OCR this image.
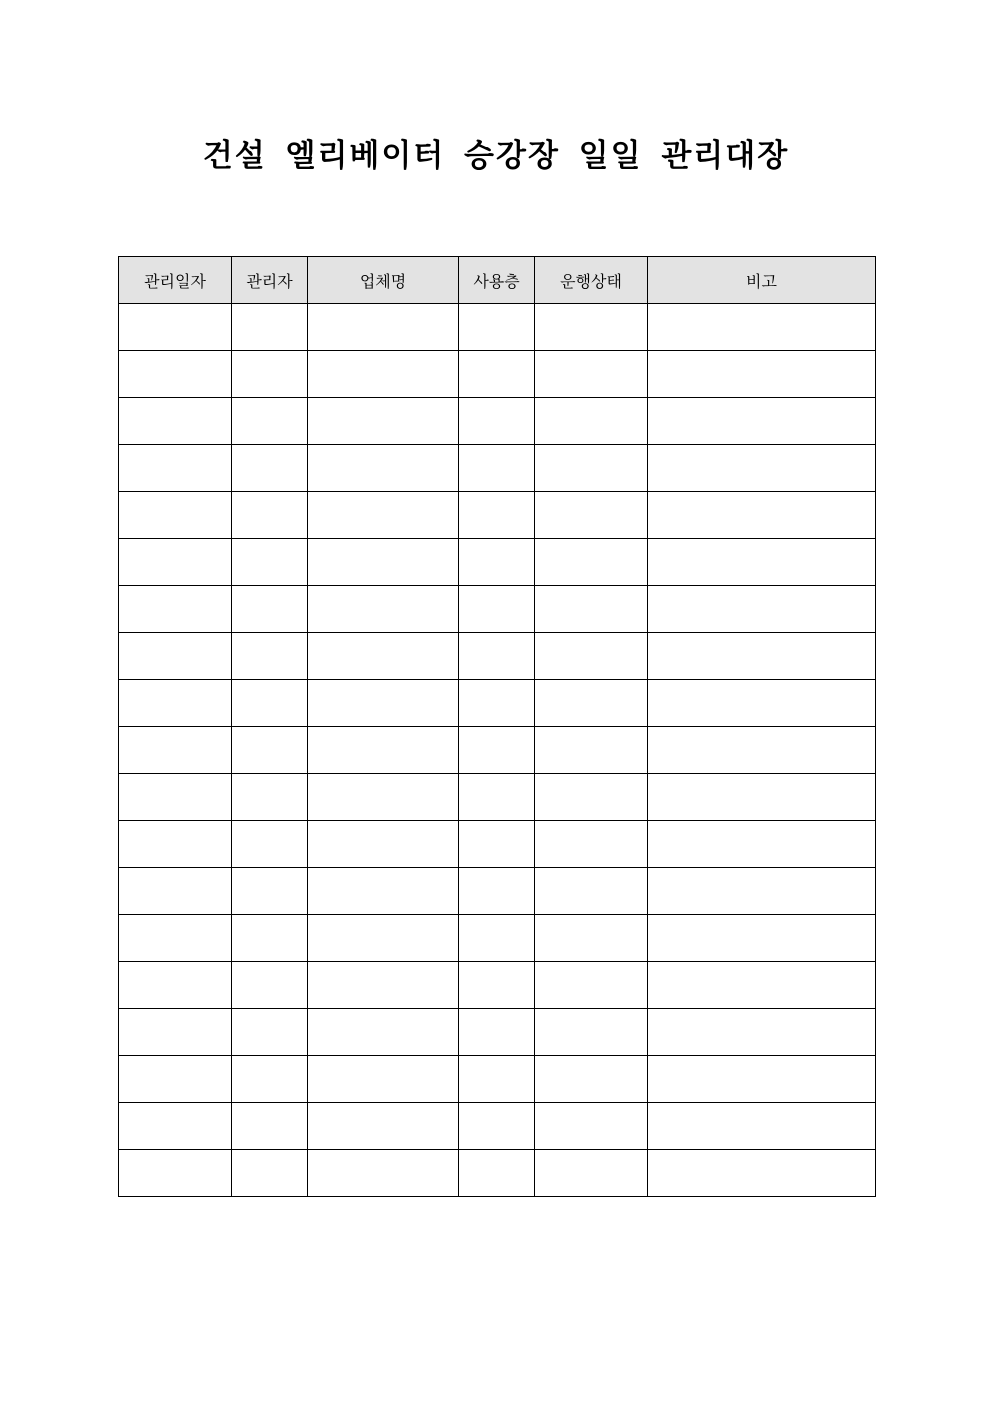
건설 엘리베이터 승강장 일일 관리대장
관리일자	관리자	업체명	사용층	운행상태	비고
